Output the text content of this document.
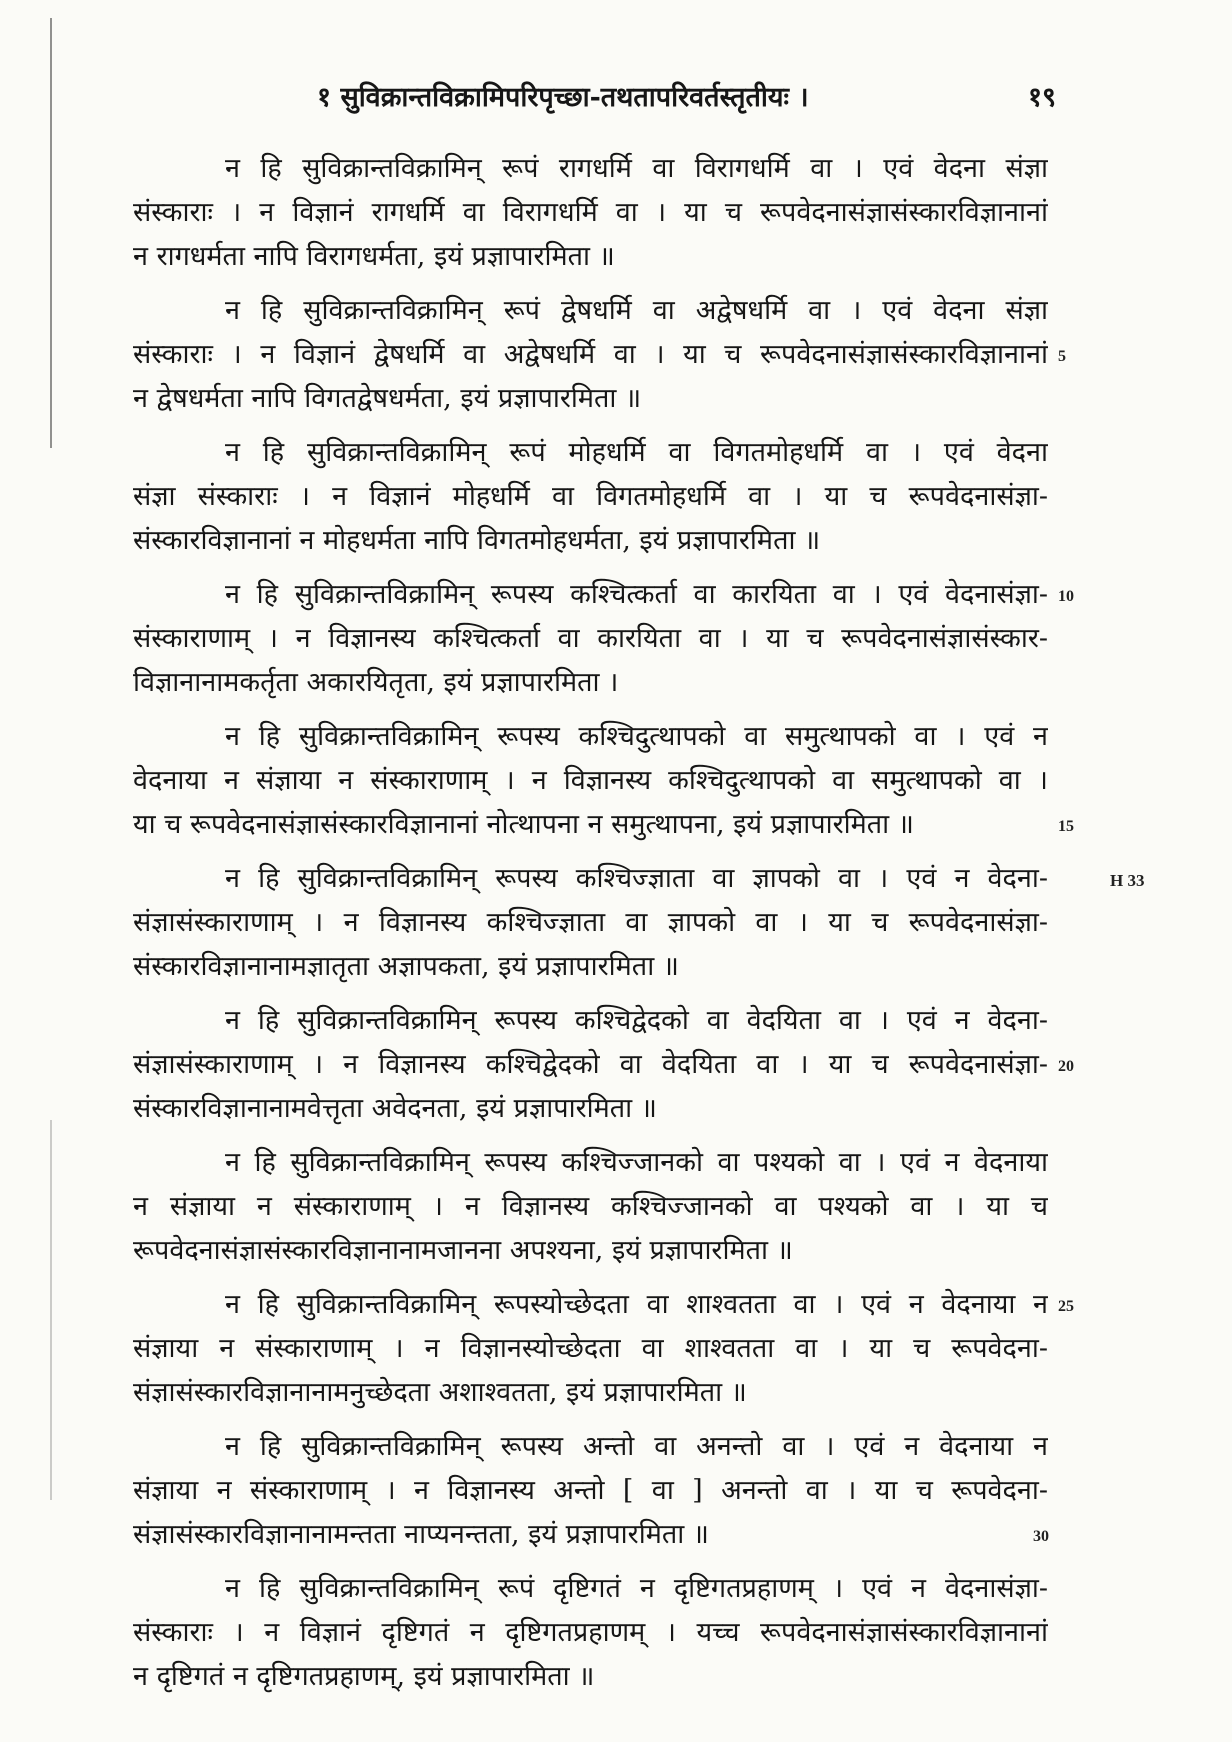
१ सुविक्रान्तविक्रामिपरिपृच्छा-तथतापरिवर्तस्तृतीयः ।	१९
न हि सुविक्रान्तविक्रामिन् रूपं रागधर्मि वा विरागधर्मि वा । एवं वेदना संज्ञा
संस्काराः । न विज्ञानं रागधर्मि वा विरागधर्मि वा । या च रूपवेदनासंज्ञासंस्कारविज्ञानानां
न रागधर्मता नापि विरागधर्मता, इयं प्रज्ञापारमिता ॥
न हि सुविक्रान्तविक्रामिन् रूपं द्वेषधर्मि वा अद्वेषधर्मि वा । एवं वेदना संज्ञा
संस्काराः । न विज्ञानं द्वेषधर्मि वा अद्वेषधर्मि वा । या च रूपवेदनासंज्ञासंस्कारविज्ञानानां
न द्वेषधर्मता नापि विगतद्वेषधर्मता, इयं प्रज्ञापारमिता ॥
5
न हि सुविक्रान्तविक्रामिन् रूपं मोहधर्मि वा विगतमोहधर्मि वा । एवं वेदना
संज्ञा संस्काराः । न विज्ञानं मोहधर्मि वा विगतमोहधर्मि वा । या च रूपवेदनासंज्ञा-
संस्कारविज्ञानानां न मोहधर्मता नापि विगतमोहधर्मता, इयं प्रज्ञापारमिता ॥
न हि सुविक्रान्तविक्रामिन् रूपस्य कश्चित्कर्ता वा कारयिता वा । एवं वेदनासंज्ञा-
संस्काराणाम् । न विज्ञानस्य कश्चित्कर्ता वा कारयिता वा । या च रूपवेदनासंज्ञासंस्कार-
विज्ञानानामकर्तृता अकारयितृता, इयं प्रज्ञापारमिता ।
10
न हि सुविक्रान्तविक्रामिन् रूपस्य कश्चिदुत्थापको वा समुत्थापको वा । एवं न
वेदनाया न संज्ञाया न संस्काराणाम् । न विज्ञानस्य कश्चिदुत्थापको वा समुत्थापको वा ।
या च रूपवेदनासंज्ञासंस्कारविज्ञानानां नोत्थापना न समुत्थापना, इयं प्रज्ञापारमिता ॥	15
न हि सुविक्रान्तविक्रामिन् रूपस्य कश्चिज्ज्ञाता वा ज्ञापको वा । एवं न वेदना-
संज्ञासंस्काराणाम् । न विज्ञानस्य कश्चिज्ज्ञाता वा ज्ञापको वा । या च रूपवेदनासंज्ञा-
संस्कारविज्ञानानामज्ञातृता अज्ञापकता, इयं प्रज्ञापारमिता ॥
H 33
न हि सुविक्रान्तविक्रामिन् रूपस्य कश्चिद्वेदको वा वेदयिता वा । एवं न वेदना-
संज्ञासंस्काराणाम् । न विज्ञानस्य कश्चिद्वेदको वा वेदयिता वा । या च रूपवेदनासंज्ञा-
संस्कारविज्ञानानामवेत्तृता अवेदनता, इयं प्रज्ञापारमिता ॥
20
न हि सुविक्रान्तविक्रामिन् रूपस्य कश्चिज्जानको वा पश्यको वा । एवं न वेदनाया
न संज्ञाया न संस्काराणाम् । न विज्ञानस्य कश्चिज्जानको वा पश्यको वा । या च
रूपवेदनासंज्ञासंस्कारविज्ञानानामजानना अपश्यना, इयं प्रज्ञापारमिता ॥
न हि सुविक्रान्तविक्रामिन् रूपस्योच्छेदता वा शाश्वतता वा । एवं न वेदनाया न
संज्ञाया न संस्काराणाम् । न विज्ञानस्योच्छेदता वा शाश्वतता वा । या च रूपवेदना-
संज्ञासंस्कारविज्ञानानामनुच्छेदता अशाश्वतता, इयं प्रज्ञापारमिता ॥
25
न हि सुविक्रान्तविक्रामिन् रूपस्य अन्तो वा अनन्तो वा । एवं न वेदनाया न
संज्ञाया न संस्काराणाम् । न विज्ञानस्य अन्तो [ वा ] अनन्तो वा । या च रूपवेदना-
संज्ञासंस्कारविज्ञानानामन्तता नाप्यनन्तता, इयं प्रज्ञापारमिता ॥	30
न हि सुविक्रान्तविक्रामिन् रूपं दृष्टिगतं न दृष्टिगतप्रहाणम् । एवं न वेदनासंज्ञा-
संस्काराः । न विज्ञानं दृष्टिगतं न दृष्टिगतप्रहाणम् । यच्च रूपवेदनासंज्ञासंस्कारविज्ञानानां
न दृष्टिगतं न दृष्टिगतप्रहाणम्, इयं प्रज्ञापारमिता ॥
